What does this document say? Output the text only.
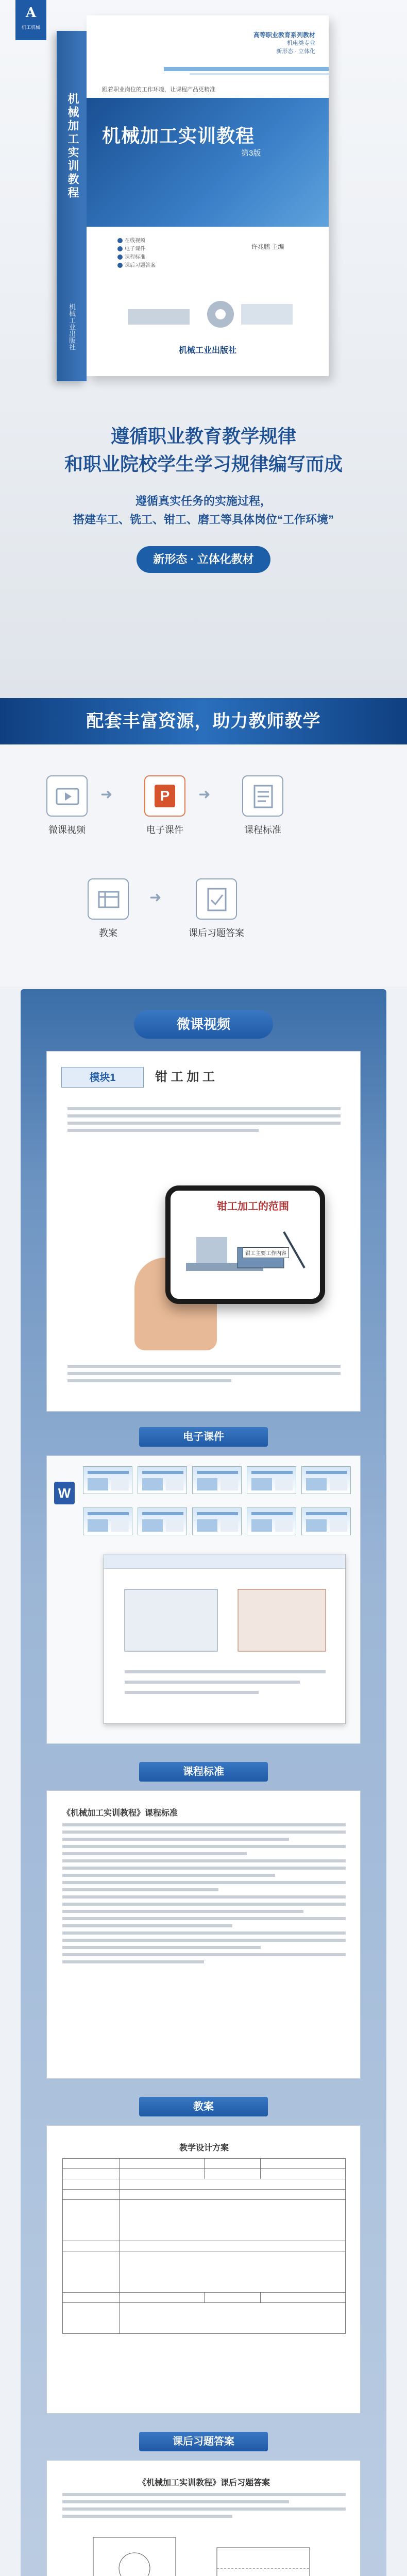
A
机工机械
机械加工实训教程
机械工业出版社
高等职业教育系列教材
机电类专业
新形态 · 立体化
跟着职业岗位的工作环境，让课程产品更精准
机械加工实训教程
第3版
在线视频
电子课件
课程标准
课后习题答案
许兆鹏 主编
机械工业出版社
遵循职业教育教学规律
和职业院校学生学习规律编写而成
遵循真实任务的实施过程，
搭建车工、铣工、钳工、磨工等具体岗位“工作环境”
新形态 · 立体化教材
配套丰富资源，助力教师教学
微课视频
➜	P
电子课件
➜
课程标准
教案
➜
课后习题答案
微课视频
模块1	钳 工 加 工
钳工加工的范围
钳工主要工作内容
电子课件
W
课程标准
《机械加工实训教程》课程标准
教案
教学设计方案

课后习题答案
《机械加工实训教程》课后习题答案
